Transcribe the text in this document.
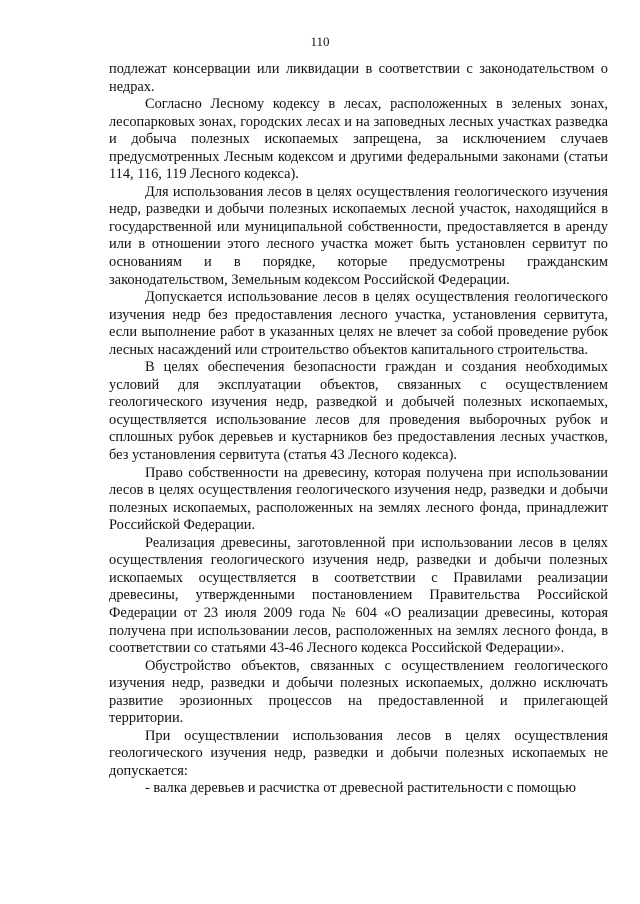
110

подлежат консервации или ликвидации в соответствии с законодательством о недрах.

Согласно Лесному кодексу в лесах, расположенных в зеленых зонах, лесопарковых зонах, городских лесах и на заповедных лесных участках разведка и добыча полезных ископаемых запрещена, за исключением случаев предусмотренных Лесным кодексом и другими федеральными законами (статьи 114, 116, 119 Лесного кодекса).

Для использования лесов в целях осуществления геологического изучения недр, разведки и добычи полезных ископаемых лесной участок, находящийся в государственной или муниципальной собственности, предоставляется в аренду или в отношении этого лесного участка может быть установлен сервитут по основаниям и в порядке, которые предусмотрены гражданским законодательством, Земельным кодексом Российской Федерации.

Допускается использование лесов в целях осуществления геологического изучения недр без предоставления лесного участка, установления сервитута, если выполнение работ в указанных целях не влечет за собой проведение рубок лесных насаждений или строительство объектов капитального строительства.

В целях обеспечения безопасности граждан и создания необходимых условий для эксплуатации объектов, связанных с осуществлением геологического изучения недр, разведкой и добычей полезных ископаемых, осуществляется использование лесов для проведения выборочных рубок и сплошных рубок деревьев и кустарников без предоставления лесных участков, без установления сервитута (статья 43 Лесного кодекса).

Право собственности на древесину, которая получена при использовании лесов в целях осуществления геологического изучения недр, разведки и добычи полезных ископаемых, расположенных на землях лесного фонда, принадлежит Российской Федерации.

Реализация древесины, заготовленной при использовании лесов в целях осуществления геологического изучения недр, разведки и добычи полезных ископаемых осуществляется в соответствии с Правилами реализации древесины, утвержденными постановлением Правительства Российской Федерации от 23 июля 2009 года № 604 «О реализации древесины, которая получена при использовании лесов, расположенных на землях лесного фонда, в соответствии со статьями 43-46 Лесного кодекса Российской Федерации».

Обустройство объектов, связанных с осуществлением геологического изучения недр, разведки и добычи полезных ископаемых, должно исключать развитие эрозионных процессов на предоставленной и прилегающей территории.

При осуществлении использования лесов в целях осуществления геологического изучения недр, разведки и добычи полезных ископаемых не допускается:

- валка деревьев и расчистка от древесной растительности с помощью
